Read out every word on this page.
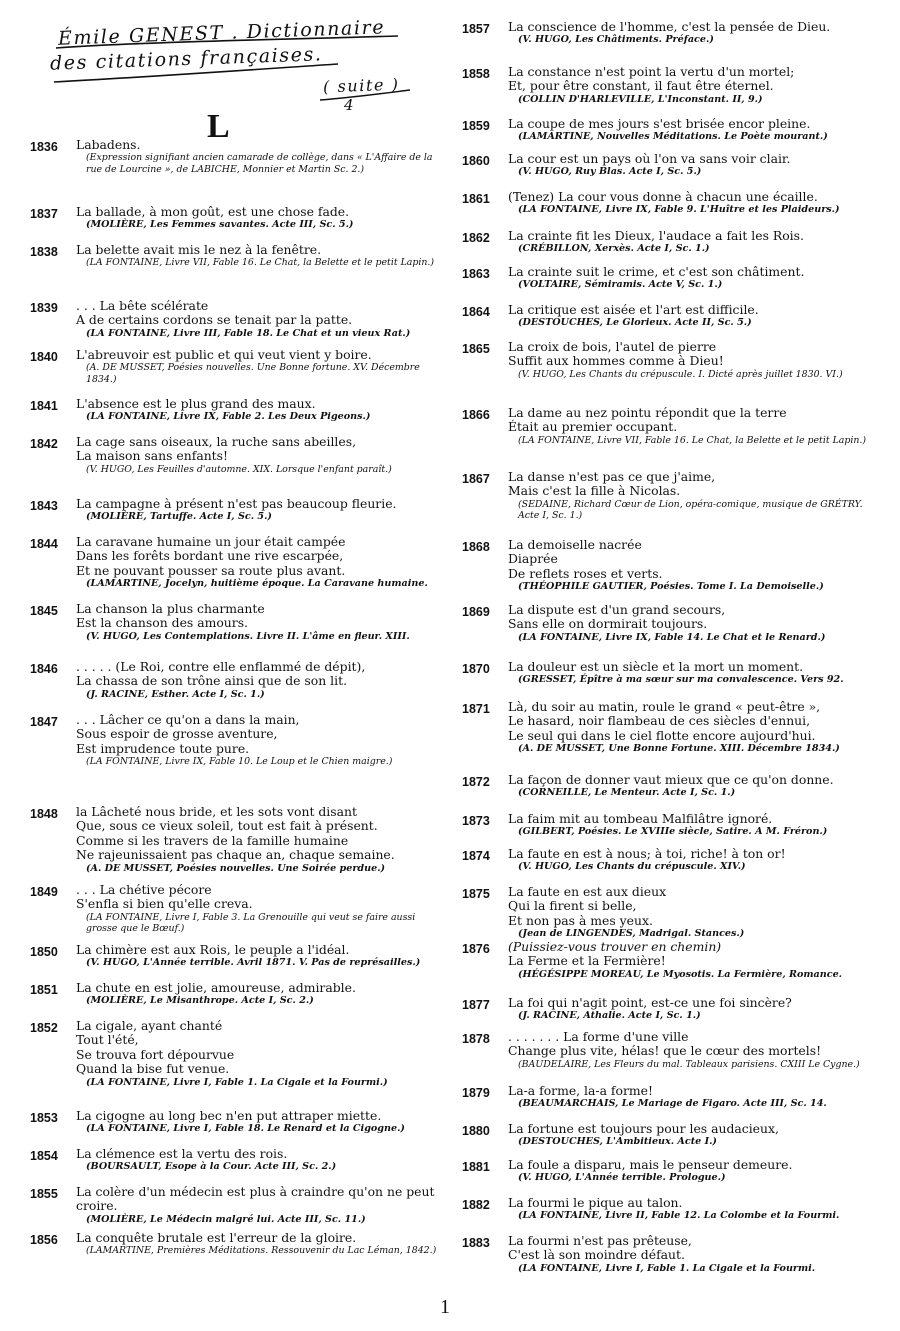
Émile GENEST . Dictionnaire
des citations françaises.
( suite )
4
L
1836	Labadens.
(Expression signifiant ancien camarade de collège, dans « L'Affaire de la rue de Lourcine », de LABICHE, Monnier et Martin Sc. 2.)
1837	La ballade, à mon goût, est une chose fade.
(MOLIÈRE, Les Femmes savantes. Acte III, Sc. 5.)
1838	La belette avait mis le nez à la fenêtre.
(LA FONTAINE, Livre VII, Fable 16. Le Chat, la Belette et le petit Lapin.)
1839	. . . La bête scélérate
A de certains cordons se tenait par la patte.
(LA FONTAINE, Livre III, Fable 18. Le Chat et un vieux Rat.)
1840	L'abreuvoir est public et qui veut vient y boire.
(A. DE MUSSET, Poésies nouvelles. Une Bonne fortune. XV. Décembre 1834.)
1841	L'absence est le plus grand des maux.
(LA FONTAINE, Livre IX, Fable 2. Les Deux Pigeons.)
1842	La cage sans oiseaux, la ruche sans abeilles,
La maison sans enfants!
(V. HUGO, Les Feuilles d'automne. XIX. Lorsque l'enfant paraît.)
1843	La campagne à présent n'est pas beaucoup fleurie.
(MOLIÈRE, Tartuffe. Acte I, Sc. 5.)
1844	La caravane humaine un jour était campée
Dans les forêts bordant une rive escarpée,
Et ne pouvant pousser sa route plus avant.
(LAMARTINE, Jocelyn, huitième époque. La Caravane humaine.
1845	La chanson la plus charmante
Est la chanson des amours.
(V. HUGO, Les Contemplations. Livre II. L'âme en fleur. XIII.
1846	. . . . . (Le Roi, contre elle enflammé de dépit),
La chassa de son trône ainsi que de son lit.
(J. RACINE, Esther. Acte I, Sc. 1.)
1847	. . . Lâcher ce qu'on a dans la main,
Sous espoir de grosse aventure,
Est imprudence toute pure.
(LA FONTAINE, Livre IX, Fable 10. Le Loup et le Chien maigre.)
1848	la Lâcheté nous bride, et les sots vont disant
Que, sous ce vieux soleil, tout est fait à présent.
Comme si les travers de la famille humaine
Ne rajeunissaient pas chaque an, chaque semaine.
(A. DE MUSSET, Poésies nouvelles. Une Soirée perdue.)
1849	. . . La chétive pécore
S'enfla si bien qu'elle creva.
(LA FONTAINE, Livre I, Fable 3. La Grenouille qui veut se faire aussi grosse que le Bœuf.)
1850	La chimère est aux Rois, le peuple a l'idéal.
(V. HUGO, L'Année terrible. Avril 1871. V. Pas de représailles.)
1851	La chute en est jolie, amoureuse, admirable.
(MOLIÈRE, Le Misanthrope. Acte I, Sc. 2.)
1852	La cigale, ayant chanté
Tout l'été,
Se trouva fort dépourvue
Quand la bise fut venue.
(LA FONTAINE, Livre I, Fable 1. La Cigale et la Fourmi.)
1853	La cigogne au long bec n'en put attraper miette.
(LA FONTAINE, Livre I, Fable 18. Le Renard et la Cigogne.)
1854	La clémence est la vertu des rois.
(BOURSAULT, Esope à la Cour. Acte III, Sc. 2.)
1855	La colère d'un médecin est plus à craindre qu'on ne peut
croire.
(MOLIÈRE, Le Médecin malgré lui. Acte III, Sc. 11.)
1856	La conquête brutale est l'erreur de la gloire.
(LAMARTINE, Premières Méditations. Ressouvenir du Lac Léman, 1842.)
1857	La conscience de l'homme, c'est la pensée de Dieu.
(V. HUGO, Les Châtiments. Préface.)
1858	La constance n'est point la vertu d'un mortel;
Et, pour être constant, il faut être éternel.
(COLLIN D'HARLEVILLE, L'Inconstant. II, 9.)
1859	La coupe de mes jours s'est brisée encor pleine.
(LAMARTINE, Nouvelles Méditations. Le Poète mourant.)
1860	La cour est un pays où l'on va sans voir clair.
(V. HUGO, Ruy Blas. Acte I, Sc. 5.)
1861	(Tenez) La cour vous donne à chacun une écaille.
(LA FONTAINE, Livre IX, Fable 9. L'Huître et les Plaideurs.)
1862	La crainte fit les Dieux, l'audace a fait les Rois.
(CRÉBILLON, Xerxès. Acte I, Sc. 1.)
1863	La crainte suit le crime, et c'est son châtiment.
(VOLTAIRE, Sémiramis. Acte V, Sc. 1.)
1864	La critique est aisée et l'art est difficile.
(DESTOUCHES, Le Glorieux. Acte II, Sc. 5.)
1865	La croix de bois, l'autel de pierre
Suffit aux hommes comme à Dieu!
(V. HUGO, Les Chants du crépuscule. I. Dicté après juillet 1830. VI.)
1866	La dame au nez pointu répondit que la terre
Était au premier occupant.
(LA FONTAINE, Livre VII, Fable 16. Le Chat, la Belette et le petit Lapin.)
1867	La danse n'est pas ce que j'aime,
Mais c'est la fille à Nicolas.
(SEDAINE, Richard Cœur de Lion, opéra-comique, musique de GRÉTRY. Acte I, Sc. 1.)
1868	La demoiselle nacrée
Diaprée
De reflets roses et verts.
(THÉOPHILE GAUTIER, Poésies. Tome I. La Demoiselle.)
1869	La dispute est d'un grand secours,
Sans elle on dormirait toujours.
(LA FONTAINE, Livre IX, Fable 14. Le Chat et le Renard.)
1870	La douleur est un siècle et la mort un moment.
(GRESSET, Épître à ma sœur sur ma convalescence. Vers 92.
1871	Là, du soir au matin, roule le grand « peut-être »,
Le hasard, noir flambeau de ces siècles d'ennui,
Le seul qui dans le ciel flotte encore aujourd'hui.
(A. DE MUSSET, Une Bonne Fortune. XIII. Décembre 1834.)
1872	La façon de donner vaut mieux que ce qu'on donne.
(CORNEILLE, Le Menteur. Acte I, Sc. 1.)
1873	La faim mit au tombeau Malfilâtre ignoré.
(GILBERT, Poésies. Le XVIIIe siècle, Satire. A M. Fréron.)
1874	La faute en est à nous; à toi, riche! à ton or!
(V. HUGO, Les Chants du crépuscule. XIV.)
1875	La faute en est aux dieux
Qui la firent si belle,
Et non pas à mes yeux.
(Jean de LINGENDES, Madrigal. Stances.)
1876	(Puissiez-vous trouver en chemin)
La Ferme et la Fermière!
(HÉGÉSIPPE MOREAU, Le Myosotis. La Fermière, Romance.
1877	La foi qui n'agit point, est-ce une foi sincère?
(J. RACINE, Athalie. Acte I, Sc. 1.)
1878	. . . . . . . La forme d'une ville
Change plus vite, hélas! que le cœur des mortels!
(BAUDELAIRE, Les Fleurs du mal. Tableaux parisiens. CXIII Le Cygne.)
1879	La-a forme, la-a forme!
(BEAUMARCHAIS, Le Mariage de Figaro. Acte III, Sc. 14.
1880	La fortune est toujours pour les audacieux,
(DESTOUCHES, L'Ambitieux. Acte I.)
1881	La foule a disparu, mais le penseur demeure.
(V. HUGO, L'Année terrible. Prologue.)
1882	La fourmi le pique au talon.
(LA FONTAINE, Livre II, Fable 12. La Colombe et la Fourmi.
1883	La fourmi n'est pas prêteuse,
C'est là son moindre défaut.
(LA FONTAINE, Livre I, Fable 1. La Cigale et la Fourmi.
1
